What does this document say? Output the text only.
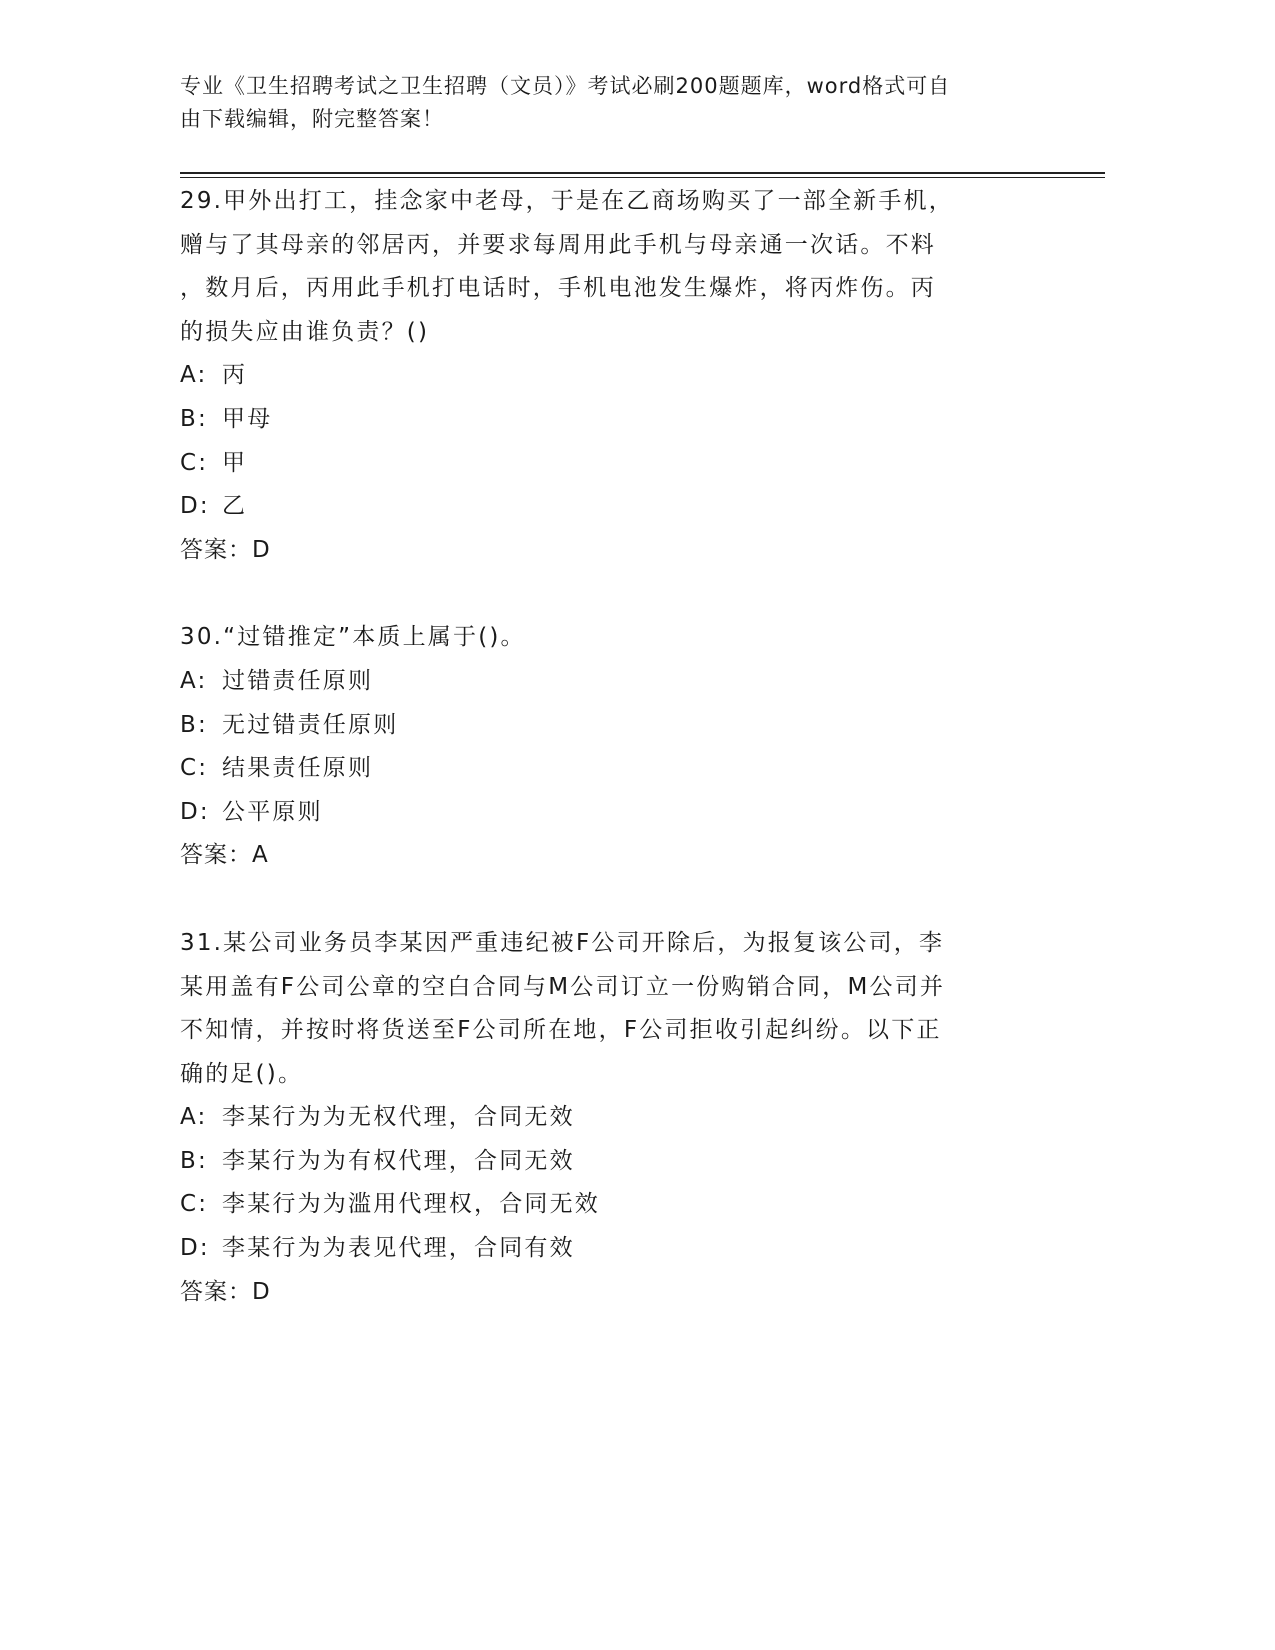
专业《卫生招聘考试之卫生招聘（文员）》考试必刷200题题库，word格式可自
由下载编辑，附完整答案！

29.甲外出打工，挂念家中老母，于是在乙商场购买了一部全新手机，

赠与了其母亲的邻居丙，并要求每周用此手机与母亲通一次话。不料

，数月后，丙用此手机打电话时，手机电池发生爆炸，将丙炸伤。丙

的损失应由谁负责？()

A: 丙

B: 甲母

C: 甲

D: 乙

答案：D

30.“过错推定”本质上属于()。

A: 过错责任原则

B: 无过错责任原则

C: 结果责任原则

D: 公平原则

答案：A

31.某公司业务员李某因严重违纪被F公司开除后，为报复该公司，李

某用盖有F公司公章的空白合同与M公司订立一份购销合同，M公司并

不知情，并按时将货送至F公司所在地，F公司拒收引起纠纷。以下正

确的足()。

A: 李某行为为无权代理，合同无效

B: 李某行为为有权代理，合同无效

C: 李某行为为滥用代理权，合同无效

D: 李某行为为表见代理，合同有效

答案：D
